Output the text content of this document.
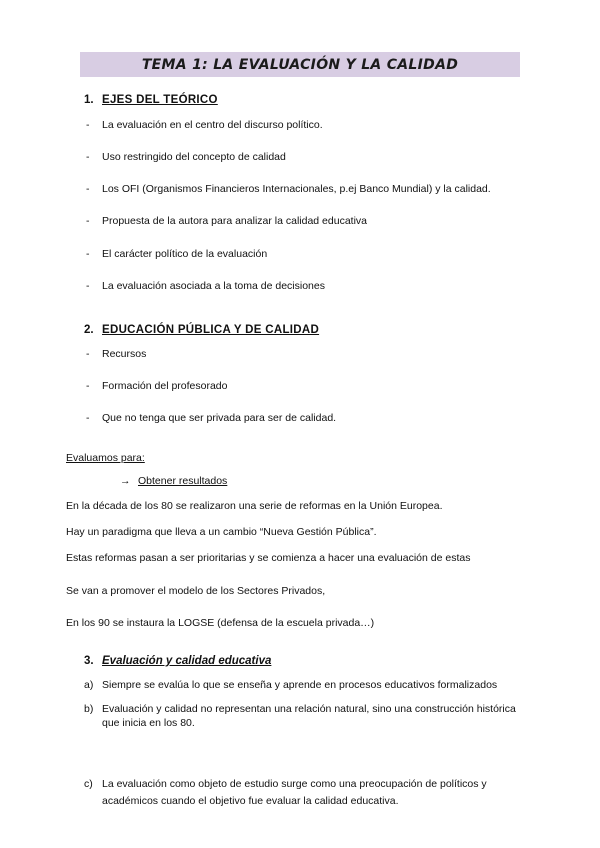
TEMA 1: LA EVALUACIÓN Y LA CALIDAD
1. EJES DEL TEÓRICO
- La evaluación en el centro del discurso político.
- Uso restringido del concepto de calidad
- Los OFI (Organismos Financieros Internacionales, p.ej Banco Mundial) y la calidad.
- Propuesta de la autora para analizar la calidad educativa
- El carácter político de la evaluación
- La evaluación asociada a la toma de decisiones
2. EDUCACIÓN PÚBLICA Y DE CALIDAD
- Recursos
- Formación del profesorado
- Que no tenga que ser privada para ser de calidad.
Evaluamos para:
→ Obtener resultados
En la década de los 80 se realizaron una serie de reformas en la Unión Europea.
Hay un paradigma que lleva a un cambio “Nueva Gestión Pública”.
Estas reformas pasan a ser prioritarias y se comienza a hacer una evaluación de estas
Se van a promover el modelo de los Sectores Privados,
En los 90 se instaura la LOGSE (defensa de la escuela privada…)
3. Evaluación y calidad educativa
a) Siempre se evalúa lo que se enseña y aprende en procesos educativos formalizados
b) Evaluación y calidad no representan una relación natural, sino una construcción histórica
que inicia en los 80.
c) La evaluación como objeto de estudio surge como una preocupación de políticos y
académicos cuando el objetivo fue evaluar la calidad educativa.
